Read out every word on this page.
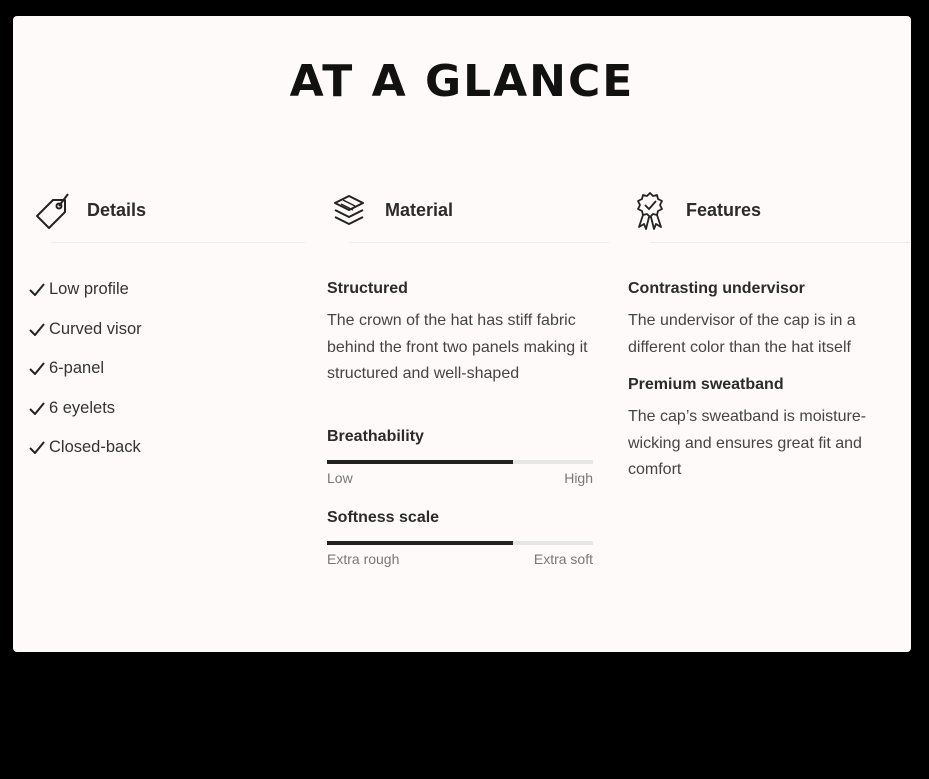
AT A GLANCE
Details
Low profile
Curved visor
6-panel
6 eyelets
Closed-back
Material
Structured

The crown of the hat has stiff fabric behind the front two panels making it structured and well-shaped

Breathability
Low	High
Softness scale
Extra rough	Extra soft
Features
Contrasting undervisor

The undervisor of the cap is in a different color than the hat itself

Premium sweatband

The cap’s sweatband is moisture-wicking and ensures great fit and comfort
